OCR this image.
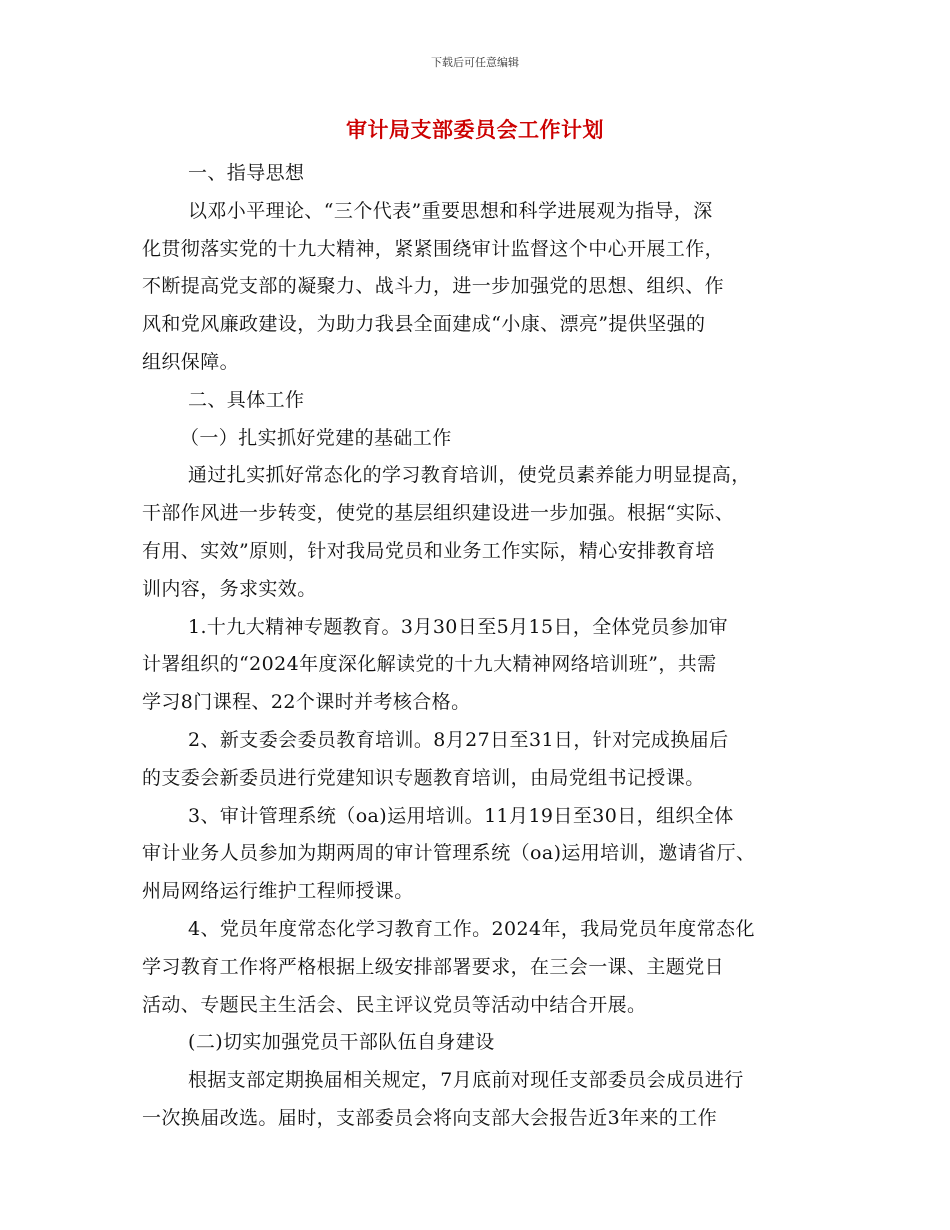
下载后可任意编辑
审计局支部委员会工作计划
一、指导思想
以邓小平理论、“三个代表”重要思想和科学进展观为指导，深
化贯彻落实党的十九大精神，紧紧围绕审计监督这个中心开展工作，
不断提高党支部的凝聚力、战斗力，进一步加强党的思想、组织、作
风和党风廉政建设，为助力我县全面建成“小康、漂亮”提供坚强的
组织保障。
二、具体工作
（一）扎实抓好党建的基础工作
通过扎实抓好常态化的学习教育培训，使党员素养能力明显提高，
干部作风进一步转变，使党的基层组织建设进一步加强。根据“实际、
有用、实效”原则，针对我局党员和业务工作实际，精心安排教育培
训内容，务求实效。
1.十九大精神专题教育。3月30日至5月15日，全体党员参加审
计署组织的“2024年度深化解读党的十九大精神网络培训班”，共需
学习8门课程、22个课时并考核合格。
2、新支委会委员教育培训。8月27日至31日，针对完成换届后
的支委会新委员进行党建知识专题教育培训，由局党组书记授课。
3、审计管理系统（oa)运用培训。11月19日至30日，组织全体
审计业务人员参加为期两周的审计管理系统（oa)运用培训，邀请省厅、
州局网络运行维护工程师授课。
4、党员年度常态化学习教育工作。2024年，我局党员年度常态化
学习教育工作将严格根据上级安排部署要求，在三会一课、主题党日
活动、专题民主生活会、民主评议党员等活动中结合开展。
(二)切实加强党员干部队伍自身建设
根据支部定期换届相关规定，7月底前对现任支部委员会成员进行
一次换届改选。届时，支部委员会将向支部大会报告近3年来的工作
